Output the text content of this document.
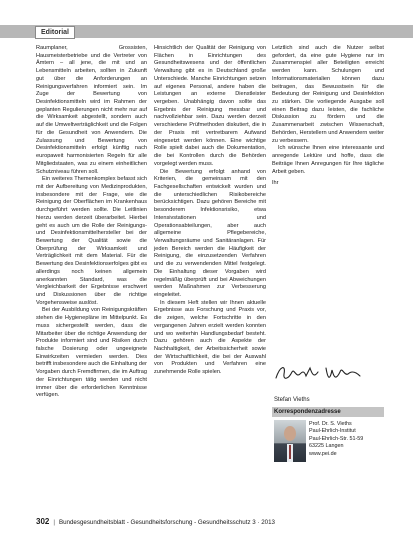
Editorial

Raumplaner, Grossisten, Hausmeisterbetriebe und die Vertreter von Ämtern – all jene, die mit und an Lebensmitteln arbeiten, sollten in Zukunft gut über die Anforderungen an Reinigungsverfahren informiert sein. Im Zuge der Bewertung von Desinfektionsmitteln wird im Rahmen der geplanten Regulierungen nicht mehr nur auf die Wirksamkeit abgestellt, sondern auch auf die Umweltverträglichkeit und die Folgen für die Gesundheit von Anwendern. Die Zulassung und Bewertung von Desinfektionsmitteln erfolgt künftig nach europaweit harmonisierten Regeln für alle Mitgliedstaaten, was zu einem einheitlichen Schutzniveau führen soll.

Ein weiteres Themenkomplex befasst sich mit der Aufbereitung von Medizinprodukten, insbesondere mit der Frage, wie die Reinigung der Oberflächen im Krankenhaus durchgeführt werden sollte. Die Leitlinien hierzu werden derzeit überarbeitet. Hierbei geht es auch um die Rolle der Reinigungs- und Desinfektionsmittelhersteller bei der Bewertung der Qualität sowie die Überprüfung der Wirksamkeit und Verträglichkeit mit dem Material. Für die Bewertung des Desinfektionserfolges gibt es allerdings noch keinen allgemein anerkannten Standard, was die Vergleichbarkeit der Ergebnisse erschwert und Diskussionen über die richtige Vorgehensweise auslöst.

Bei der Ausbildung von Reinigungskräften stehen die Hygienepläne im Mittelpunkt. Es muss sichergestellt werden, dass die Mitarbeiter über die richtige Anwendung der Produkte informiert sind und Risiken durch falsche Dosierung oder ungeeignete Einwirkzeiten vermieden werden. Dies betrifft insbesondere auch die Einhaltung der Vorgaben durch Fremdfirmen, die im Auftrag der Einrichtungen tätig werden und nicht immer über die erforderlichen Kenntnisse verfügen.

Hinsichtlich der Qualität der Reinigung von Flächen in Einrichtungen des Gesundheitswesens und der öffentlichen Verwaltung gibt es in Deutschland große Unterschiede. Manche Einrichtungen setzen auf eigenes Personal, andere haben die Leistungen an externe Dienstleister vergeben. Unabhängig davon sollte das Ergebnis der Reinigung messbar und nachvollziehbar sein. Dazu werden derzeit verschiedene Prüfmethoden diskutiert, die in der Praxis mit vertretbarem Aufwand eingesetzt werden können. Eine wichtige Rolle spielt dabei auch die Dokumentation, die bei Kontrollen durch die Behörden vorgelegt werden muss.

Die Bewertung erfolgt anhand von Kriterien, die gemeinsam mit den Fachgesellschaften entwickelt wurden und die unterschiedlichen Risikobereiche berücksichtigen. Dazu gehören Bereiche mit besonderem Infektionsrisiko, etwa Intensivstationen und Operationsabteilungen, aber auch allgemeine Pflegebereiche, Verwaltungsräume und Sanitäranlagen. Für jeden Bereich werden die Häufigkeit der Reinigung, die einzusetzenden Verfahren und die zu verwendenden Mittel festgelegt. Die Einhaltung dieser Vorgaben wird regelmäßig überprüft und bei Abweichungen werden Maßnahmen zur Verbesserung eingeleitet.

In diesem Heft stellen wir Ihnen aktuelle Ergebnisse aus Forschung und Praxis vor, die zeigen, welche Fortschritte in den vergangenen Jahren erzielt werden konnten und wo weiterhin Handlungsbedarf besteht. Dazu gehören auch die Aspekte der Nachhaltigkeit, der Arbeitssicherheit sowie der Wirtschaftlichkeit, die bei der Auswahl von Produkten und Verfahren eine zunehmende Rolle spielen.

Letztlich sind auch die Nutzer selbst gefordert, da eine gute Hygiene nur im Zusammenspiel aller Beteiligten erreicht werden kann. Schulungen und Informationsmaterialien können dazu beitragen, das Bewusstsein für die Bedeutung der Reinigung und Desinfektion zu stärken. Die vorliegende Ausgabe soll einen Beitrag dazu leisten, die fachliche Diskussion zu fördern und die Zusammenarbeit zwischen Wissenschaft, Behörden, Herstellern und Anwendern weiter zu verbessern.

Ich wünsche Ihnen eine interessante und anregende Lektüre und hoffe, dass die Beiträge Ihnen Anregungen für Ihre tägliche Arbeit geben.

Ihr

Stefan Vieths
Korrespondenzadresse
Prof. Dr. S. Vieths
Paul-Ehrlich-Institut
Paul-Ehrlich-Str. 51-59
63225 Langen
www.pei.de
302 | Bundesgesundheitsblatt - Gesundheitsforschung - Gesundheitsschutz 3 · 2013
